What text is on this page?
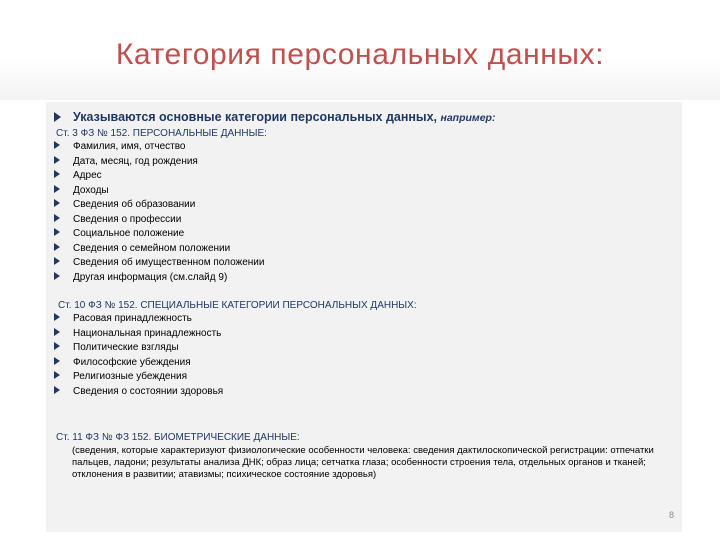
Категория персональных данных:
Указываются основные категории персональных данных, например:
Ст. 3 ФЗ № 152. ПЕРСОНАЛЬНЫЕ ДАННЫЕ:
Фамилия, имя, отчество
Дата, месяц, год рождения
Адрес
Доходы
Сведения об образовании
Сведения о профессии
Социальное положение
Сведения о семейном положении
Сведения об имущественном положении
Другая информация (см.слайд 9)
Ст. 10 ФЗ № 152. СПЕЦИАЛЬНЫЕ КАТЕГОРИИ ПЕРСОНАЛЬНЫХ ДАННЫХ:
Расовая принадлежность
Национальная принадлежность
Политические взгляды
Философские убеждения
Религиозные убеждения
Сведения о состоянии здоровья
Ст. 11 ФЗ № ФЗ 152. БИОМЕТРИЧЕСКИЕ ДАННЫЕ:
(сведения, которые характеризуют физиологические особенности человека: сведения дактилоскопической регистрации: отпечатки пальцев, ладони; результаты анализа ДНК; образ лица; сетчатка глаза; особенности строения тела, отдельных органов и тканей; отклонения в развитии; атавизмы; психическое состояние здоровья)
8
